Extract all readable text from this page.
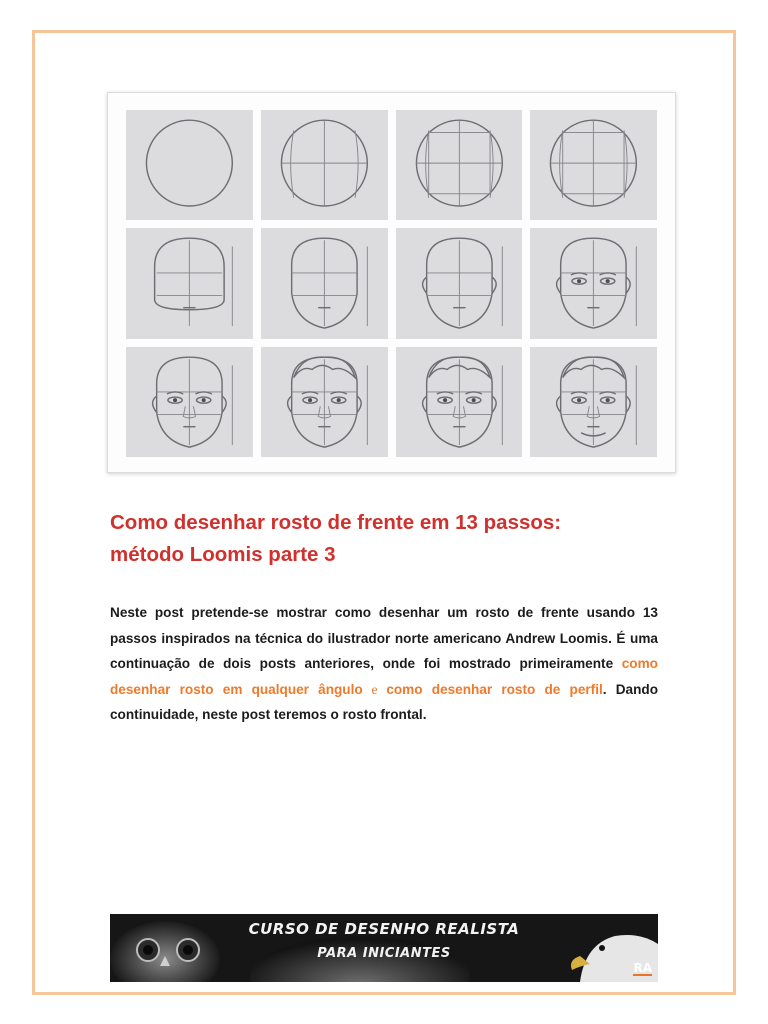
Como desenhar rosto de frente em 13 passos:
método Loomis parte 3

Neste post pretende-se mostrar como desenhar um rosto de frente usando 13 passos inspirados na técnica do ilustrador norte americano Andrew Loomis. É uma continuação de dois posts anteriores, onde foi mostrado primeiramente como desenhar rosto em qualquer ângulo e como desenhar rosto de perfil. Dando continuidade, neste post teremos o rosto frontal.

CURSO DE DESENHO REALISTA
PARA INICIANTES
RA
